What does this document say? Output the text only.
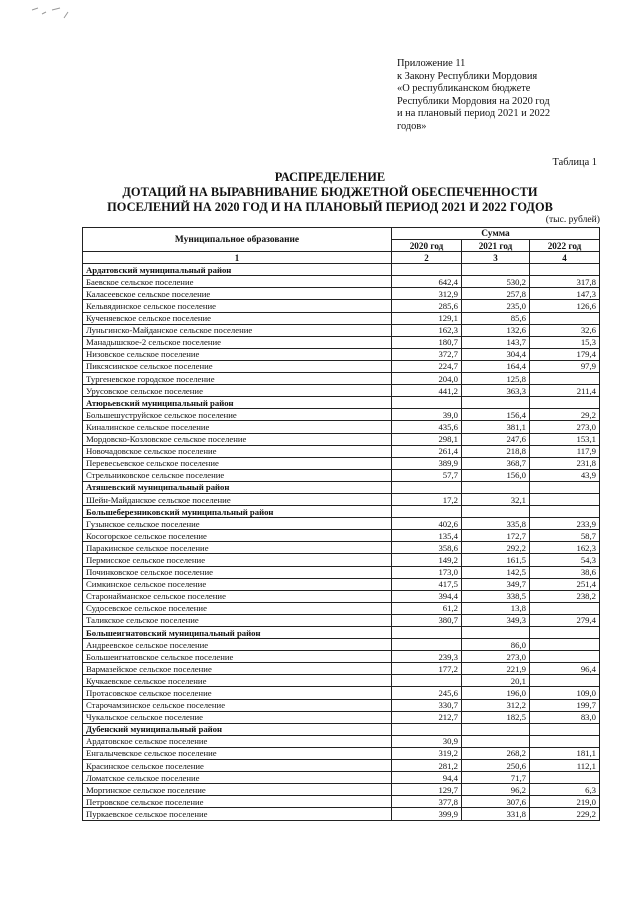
Приложение 11
к Закону Республики Мордовия
«О республиканском бюджете
Республики Мордовия на 2020 год
и на плановый период 2021 и 2022
годов»
Таблица 1
РАСПРЕДЕЛЕНИЕ
ДОТАЦИЙ НА ВЫРАВНИВАНИЕ БЮДЖЕТНОЙ ОБЕСПЕЧЕННОСТИ
ПОСЕЛЕНИЙ НА 2020 ГОД И НА ПЛАНОВЫЙ ПЕРИОД 2021 И 2022 ГОДОВ
(тыс. рублей)
Муниципальное образование	Сумма		
	2020 год	2021 год	2022 год
1	2	3	4
Ардатовский муниципальный район			
Баевское сельское поселение	642,4	530,2	317,8
Каласеевское сельское поселение	312,9	257,8	147,3
Кельвядинское сельское поселение	285,6	235,0	126,6
Кученяевское сельское поселение	129,1	85,6	
Луньгинско-Майданское сельское поселение	162,3	132,6	32,6
Манадышское-2 сельское поселение	180,7	143,7	15,3
Низовское сельское поселение	372,7	304,4	179,4
Пиксясинское сельское поселение	224,7	164,4	97,9
Тургеневское городское поселение	204,0	125,8	
Урусовское сельское поселение	441,2	363,3	211,4
Атюрьевский муниципальный район			
Большешуструйское сельское поселение	39,0	156,4	29,2
Киналинское сельское поселение	435,6	381,1	273,0
Мордовско-Козловское сельское поселение	298,1	247,6	153,1
Новочадовское сельское поселение	261,4	218,8	117,9
Перевесьевское сельское поселение	389,9	368,7	231,8
Стрельниковское сельское поселение	57,7	156,0	43,9
Атяшевский муниципальный район			
Шейн-Майданское сельское поселение	17,2	32,1	
Большеберезниковский муниципальный район			
Гузынское сельское поселение	402,6	335,8	233,9
Косогорское сельское поселение	135,4	172,7	58,7
Паракинское сельское поселение	358,6	292,2	162,3
Пермисское сельское поселение	149,2	161,5	54,3
Починковское сельское поселение	173,0	142,5	38,6
Симкинское сельское поселение	417,5	349,7	251,4
Старонайманское сельское поселение	394,4	338,5	238,2
Судосевское сельское поселение	61,2	13,8	
Таликское сельское поселение	380,7	349,3	279,4
Большеигнатовский муниципальный район			
Андреевское сельское поселение		86,0	
Большеигнатовское сельское поселение	239,3	273,0	
Вармазейское сельское поселение	177,2	221,9	96,4
Кучкаевское сельское поселение		20,1	
Протасовское сельское поселение	245,6	196,0	109,0
Старочамзинское сельское поселение	330,7	312,2	199,7
Чукальское сельское поселение	212,7	182,5	83,0
Дубенский муниципальный район			
Ардатовское сельское поселение	30,9		
Енгалычевское сельское поселение	319,2	268,2	181,1
Красинское сельское поселение	281,2	250,6	112,1
Ломатское сельское поселение	94,4	71,7	
Моргинское сельское поселение	129,7	96,2	6,3
Петровское сельское поселение	377,8	307,6	219,0
Пуркаевское сельское поселение	399,9	331,8	229,2
